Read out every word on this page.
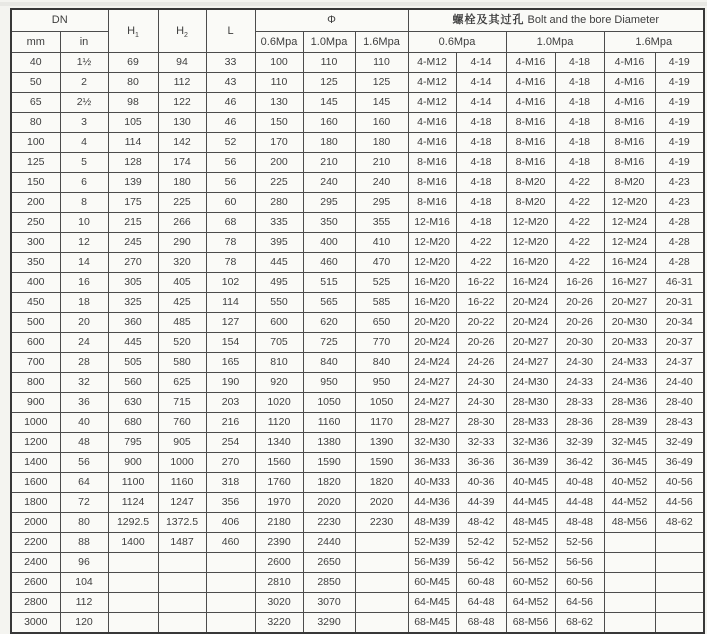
DN		$H_1$	$H_2$	L	Φ			螺栓及其过孔 Bolt and the bore Diameter					
mm	in				0.6Mpa	1.0Mpa	1.6Mpa	0.6Mpa		1.0Mpa		1.6Mpa	
40	1½	69	94	33	100	110	110	4-M12	4-14	4-M16	4-18	4-M16	4-19
50	2	80	112	43	110	125	125	4-M12	4-14	4-M16	4-18	4-M16	4-19
65	2½	98	122	46	130	145	145	4-M12	4-14	4-M16	4-18	4-M16	4-19
80	3	105	130	46	150	160	160	4-M16	4-18	8-M16	4-18	8-M16	4-19
100	4	114	142	52	170	180	180	4-M16	4-18	8-M16	4-18	8-M16	4-19
125	5	128	174	56	200	210	210	8-M16	4-18	8-M16	4-18	8-M16	4-19
150	6	139	180	56	225	240	240	8-M16	4-18	8-M20	4-22	8-M20	4-23
200	8	175	225	60	280	295	295	8-M16	4-18	8-M20	4-22	12-M20	4-23
250	10	215	266	68	335	350	355	12-M16	4-18	12-M20	4-22	12-M24	4-28
300	12	245	290	78	395	400	410	12-M20	4-22	12-M20	4-22	12-M24	4-28
350	14	270	320	78	445	460	470	12-M20	4-22	16-M20	4-22	16-M24	4-28
400	16	305	405	102	495	515	525	16-M20	16-22	16-M24	16-26	16-M27	46-31
450	18	325	425	114	550	565	585	16-M20	16-22	20-M24	20-26	20-M27	20-31
500	20	360	485	127	600	620	650	20-M20	20-22	20-M24	20-26	20-M30	20-34
600	24	445	520	154	705	725	770	20-M24	20-26	20-M27	20-30	20-M33	20-37
700	28	505	580	165	810	840	840	24-M24	24-26	24-M27	24-30	24-M33	24-37
800	32	560	625	190	920	950	950	24-M27	24-30	24-M30	24-33	24-M36	24-40
900	36	630	715	203	1020	1050	1050	24-M27	24-30	28-M30	28-33	28-M36	28-40
1000	40	680	760	216	1120	1160	1170	28-M27	28-30	28-M33	28-36	28-M39	28-43
1200	48	795	905	254	1340	1380	1390	32-M30	32-33	32-M36	32-39	32-M45	32-49
1400	56	900	1000	270	1560	1590	1590	36-M33	36-36	36-M39	36-42	36-M45	36-49
1600	64	1100	1160	318	1760	1820	1820	40-M33	40-36	40-M45	40-48	40-M52	40-56
1800	72	1124	1247	356	1970	2020	2020	44-M36	44-39	44-M45	44-48	44-M52	44-56
2000	80	1292.5	1372.5	406	2180	2230	2230	48-M39	48-42	48-M45	48-48	48-M56	48-62
2200	88	1400	1487	460	2390	2440		52-M39	52-42	52-M52	52-56		
2400	96				2600	2650		56-M39	56-42	56-M52	56-56		
2600	104				2810	2850		60-M45	60-48	60-M52	60-56		
2800	112				3020	3070		64-M45	64-48	64-M52	64-56		
3000	120				3220	3290		68-M45	68-48	68-M56	68-62		
